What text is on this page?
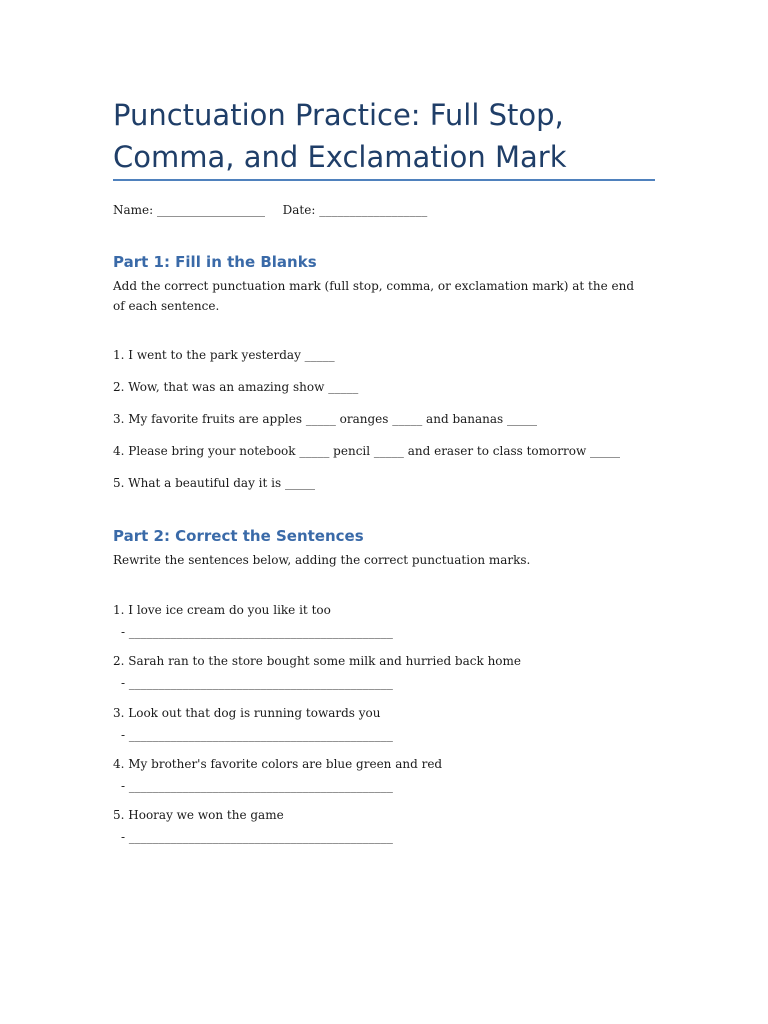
Punctuation Practice: Full Stop, Comma, and Exclamation Mark
Name: __________________ Date: __________________
Part 1: Fill in the Blanks
Add the correct punctuation mark (full stop, comma, or exclamation mark) at the end of each sentence.
1. I went to the park yesterday _____
2. Wow, that was an amazing show _____
3. My favorite fruits are apples _____ oranges _____ and bananas _____
4. Please bring your notebook _____ pencil _____ and eraser to class tomorrow _____
5. What a beautiful day it is _____
Part 2: Correct the Sentences
Rewrite the sentences below, adding the correct punctuation marks.
1. I love ice cream do you like it too
- ____________________________________________
2. Sarah ran to the store bought some milk and hurried back home
- ____________________________________________
3. Look out that dog is running towards you
- ____________________________________________
4. My brother's favorite colors are blue green and red
- ____________________________________________
5. Hooray we won the game
- ____________________________________________
